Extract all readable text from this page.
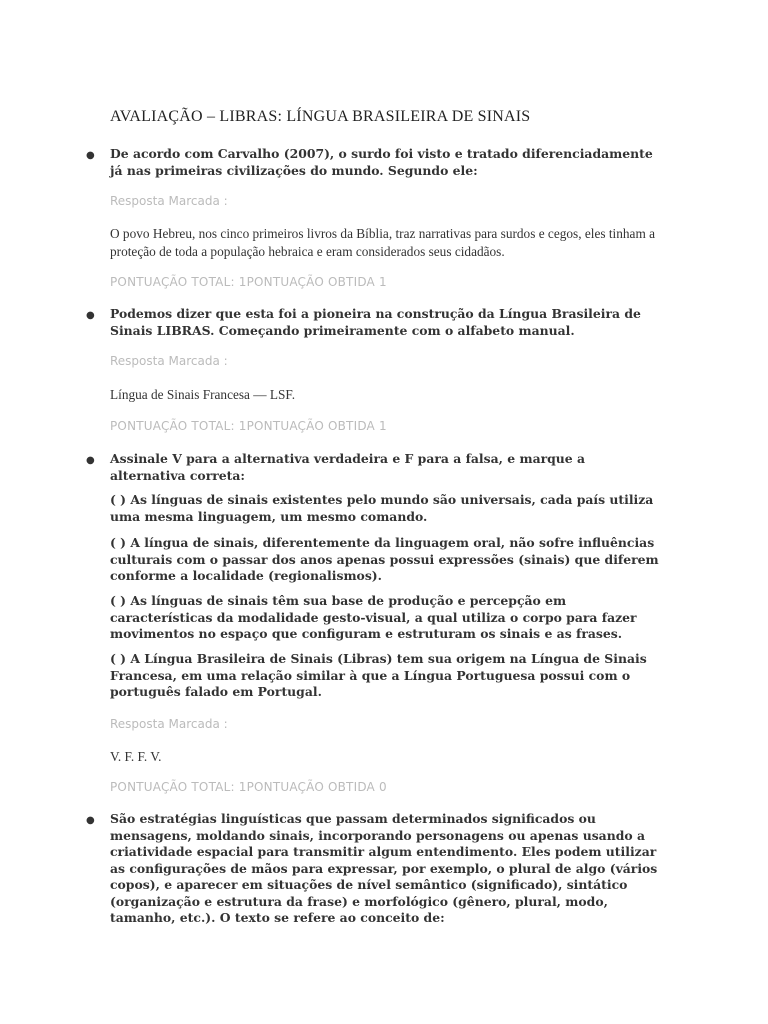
AVALIAÇÃO – LIBRAS: LÍNGUA BRASILEIRA DE SINAIS
● De acordo com Carvalho (2007), o surdo foi visto e tratado diferenciadamente já nas primeiras civilizações do mundo. Segundo ele:

Resposta Marcada :
O povo Hebreu, nos cinco primeiros livros da Bíblia, traz narrativas para surdos e cegos, eles tinham a proteção de toda a população hebraica e eram considerados seus cidadãos.
PONTUAÇÃO TOTAL: 1PONTUAÇÃO OBTIDA 1
● Podemos dizer que esta foi a pioneira na construção da Língua Brasileira de Sinais LIBRAS. Começando primeiramente com o alfabeto manual.

Resposta Marcada :
Língua de Sinais Francesa — LSF.
PONTUAÇÃO TOTAL: 1PONTUAÇÃO OBTIDA 1
● Assinale V para a alternativa verdadeira e F para a falsa, e marque a alternativa correta:

( ) As línguas de sinais existentes pelo mundo são universais, cada país utiliza uma mesma linguagem, um mesmo comando.

( ) A língua de sinais, diferentemente da linguagem oral, não sofre influências culturais com o passar dos anos apenas possui expressões (sinais) que diferem conforme a localidade (regionalismos).

( ) As línguas de sinais têm sua base de produção e percepção em características da modalidade gesto-visual, a qual utiliza o corpo para fazer movimentos no espaço que configuram e estruturam os sinais e as frases.

( ) A Língua Brasileira de Sinais (Libras) tem sua origem na Língua de Sinais Francesa, em uma relação similar à que a Língua Portuguesa possui com o português falado em Portugal.

Resposta Marcada :
V. F. F. V.
PONTUAÇÃO TOTAL: 1PONTUAÇÃO OBTIDA 0
● São estratégias linguísticas que passam determinados significados ou mensagens, moldando sinais, incorporando personagens ou apenas usando a criatividade espacial para transmitir algum entendimento. Eles podem utilizar as configurações de mãos para expressar, por exemplo, o plural de algo (vários copos), e aparecer em situações de nível semântico (significado), sintático (organização e estrutura da frase) e morfológico (gênero, plural, modo, tamanho, etc.). O texto se refere ao conceito de:
